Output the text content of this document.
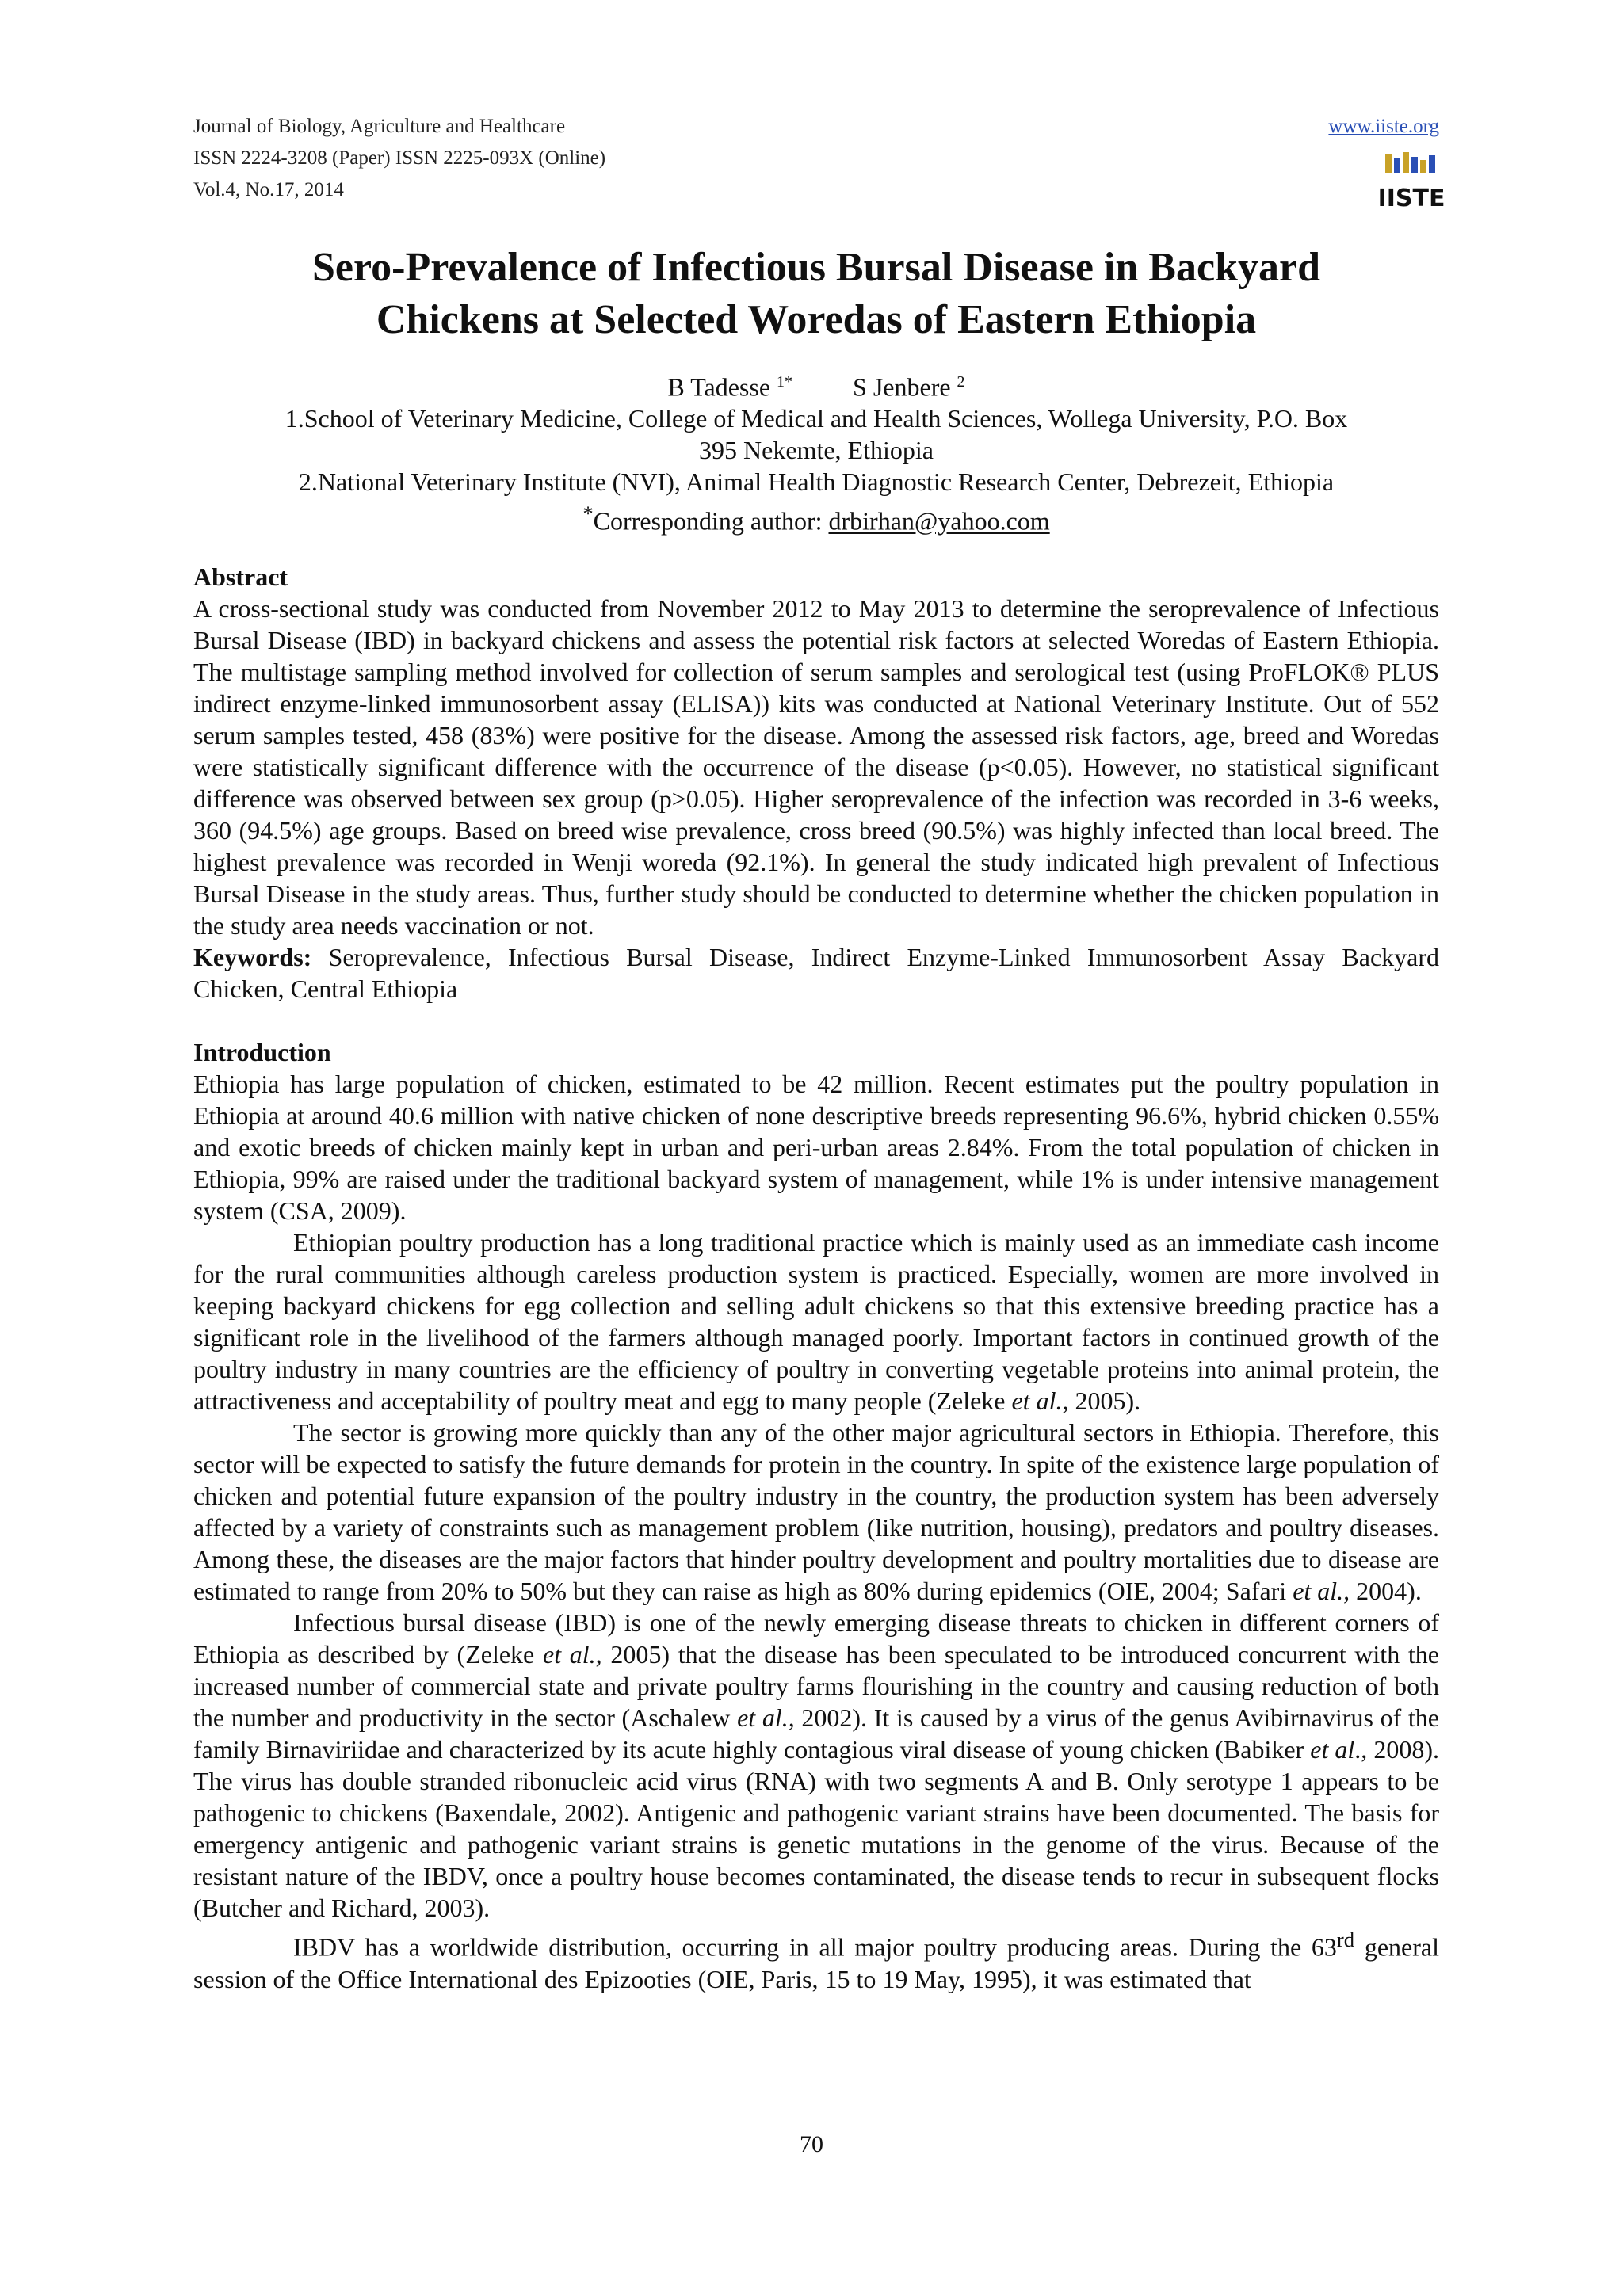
Journal of Biology, Agriculture and Healthcare
ISSN 2224-3208 (Paper) ISSN 2225-093X (Online)
Vol.4, No.17, 2014
www.iiste.org
IISTE
Sero-Prevalence of Infectious Bursal Disease in Backyard
Chickens at Selected Woredas of Eastern Ethiopia
B Tadesse $^{1*}$ S Jenbere $^2$
1.School of Veterinary Medicine, College of Medical and Health Sciences, Wollega University, P.O. Box 395 Nekemte, Ethiopia
2.National Veterinary Institute (NVI), Animal Health Diagnostic Research Center, Debrezeit, Ethiopia
*Corresponding author: drbirhan@yahoo.com

Abstract

A cross-sectional study was conducted from November 2012 to May 2013 to determine the seroprevalence of Infectious Bursal Disease (IBD) in backyard chickens and assess the potential risk factors at selected Woredas of Eastern Ethiopia. The multistage sampling method involved for collection of serum samples and serological test (using ProFLOK® PLUS indirect enzyme-linked immunosorbent assay (ELISA)) kits was conducted at National Veterinary Institute. Out of 552 serum samples tested, 458 (83%) were positive for the disease. Among the assessed risk factors, age, breed and Woredas were statistically significant difference with the occurrence of the disease (p<0.05). However, no statistical significant difference was observed between sex group (p>0.05). Higher seroprevalence of the infection was recorded in 3-6 weeks, 360 (94.5%) age groups. Based on breed wise prevalence, cross breed (90.5%) was highly infected than local breed. The highest prevalence was recorded in Wenji woreda (92.1%). In general the study indicated high prevalent of Infectious Bursal Disease in the study areas. Thus, further study should be conducted to determine whether the chicken population in the study area needs vaccination or not.

Keywords: Seroprevalence, Infectious Bursal Disease, Indirect Enzyme-Linked Immunosorbent Assay Backyard Chicken, Central Ethiopia

Introduction

Ethiopia has large population of chicken, estimated to be 42 million. Recent estimates put the poultry population in Ethiopia at around 40.6 million with native chicken of none descriptive breeds representing 96.6%, hybrid chicken 0.55% and exotic breeds of chicken mainly kept in urban and peri-urban areas 2.84%. From the total population of chicken in Ethiopia, 99% are raised under the traditional backyard system of management, while 1% is under intensive management system (CSA, 2009).

Ethiopian poultry production has a long traditional practice which is mainly used as an immediate cash income for the rural communities although careless production system is practiced. Especially, women are more involved in keeping backyard chickens for egg collection and selling adult chickens so that this extensive breeding practice has a significant role in the livelihood of the farmers although managed poorly. Important factors in continued growth of the poultry industry in many countries are the efficiency of poultry in converting vegetable proteins into animal protein, the attractiveness and acceptability of poultry meat and egg to many people (Zeleke et al., 2005).

The sector is growing more quickly than any of the other major agricultural sectors in Ethiopia. Therefore, this sector will be expected to satisfy the future demands for protein in the country. In spite of the existence large population of chicken and potential future expansion of the poultry industry in the country, the production system has been adversely affected by a variety of constraints such as management problem (like nutrition, housing), predators and poultry diseases. Among these, the diseases are the major factors that hinder poultry development and poultry mortalities due to disease are estimated to range from 20% to 50% but they can raise as high as 80% during epidemics (OIE, 2004; Safari et al., 2004).

Infectious bursal disease (IBD) is one of the newly emerging disease threats to chicken in different corners of Ethiopia as described by (Zeleke et al., 2005) that the disease has been speculated to be introduced concurrent with the increased number of commercial state and private poultry farms flourishing in the country and causing reduction of both the number and productivity in the sector (Aschalew et al., 2002). It is caused by a virus of the genus Avibirnavirus of the family Birnaviriidae and characterized by its acute highly contagious viral disease of young chicken (Babiker et al., 2008). The virus has double stranded ribonucleic acid virus (RNA) with two segments A and B. Only serotype 1 appears to be pathogenic to chickens (Baxendale, 2002). Antigenic and pathogenic variant strains have been documented. The basis for emergency antigenic and pathogenic variant strains is genetic mutations in the genome of the virus. Because of the resistant nature of the IBDV, once a poultry house becomes contaminated, the disease tends to recur in subsequent flocks (Butcher and Richard, 2003).

IBDV has a worldwide distribution, occurring in all major poultry producing areas. During the 63rd general session of the Office International des Epizooties (OIE, Paris, 15 to 19 May, 1995), it was estimated that

70
